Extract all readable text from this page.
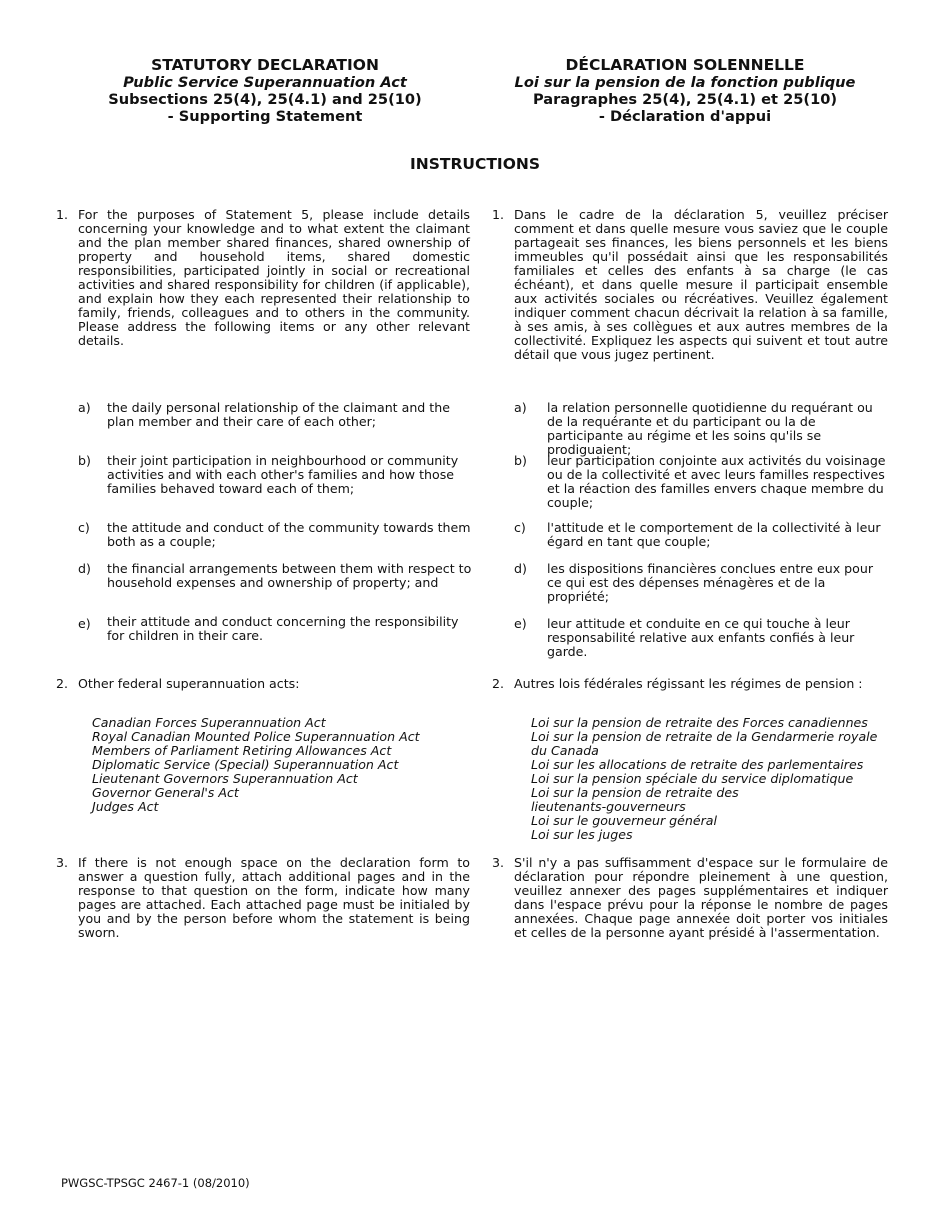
STATUTORY DECLARATION
Public Service Superannuation Act
Subsections 25(4), 25(4.1) and 25(10)
- Supporting Statement
DÉCLARATION SOLENNELLE
Loi sur la pension de la fonction publique
Paragraphes 25(4), 25(4.1) et 25(10)
- Déclaration d'appui
INSTRUCTIONS
1. For the purposes of Statement 5, please include details concerning your knowledge and to what extent the claimant and the plan member shared finances, shared ownership of property and household items, shared domestic responsibilities, participated jointly in social or recreational activities and shared responsibility for children (if applicable), and explain how they each represented their relationship to family, friends, colleagues and to others in the community. Please address the following items or any other relevant details.
a) the daily personal relationship of the claimant and the plan member and their care of each other;
b) their joint participation in neighbourhood or community activities and with each other's families and how those families behaved toward each of them;
c) the attitude and conduct of the community towards them both as a couple;
d) the financial arrangements between them with respect to household expenses and ownership of property; and
e) their attitude and conduct concerning the responsibility for children in their care.
2. Other federal superannuation acts:
Canadian Forces Superannuation Act
Royal Canadian Mounted Police Superannuation Act
Members of Parliament Retiring Allowances Act
Diplomatic Service (Special) Superannuation Act
Lieutenant Governors Superannuation Act
Governor General's Act
Judges Act
3. If there is not enough space on the declaration form to answer a question fully, attach additional pages and in the response to that question on the form, indicate how many pages are attached. Each attached page must be initialed by you and by the person before whom the statement is being sworn.
1. Dans le cadre de la déclaration 5, veuillez préciser comment et dans quelle mesure vous saviez que le couple partageait ses finances, les biens personnels et les biens immeubles qu'il possédait ainsi que les responsabilités familiales et celles des enfants à sa charge (le cas échéant), et dans quelle mesure il participait ensemble aux activités sociales ou récréatives. Veuillez également indiquer comment chacun décrivait la relation à sa famille, à ses amis, à ses collègues et aux autres membres de la collectivité. Expliquez les aspects qui suivent et tout autre détail que vous jugez pertinent.
a) la relation personnelle quotidienne du requérant ou de la requérante et du participant ou la de participante au régime et les soins qu'ils se prodiguaient;
b) leur participation conjointe aux activités du voisinage ou de la collectivité et avec leurs familles respectives et la réaction des familles envers chaque membre du couple;
c) l'attitude et le comportement de la collectivité à leur égard en tant que couple;
d) les dispositions financières conclues entre eux pour ce qui est des dépenses ménagères et de la propriété;
e) leur attitude et conduite en ce qui touche à leur responsabilité relative aux enfants confiés à leur garde.
2. Autres lois fédérales régissant les régimes de pension :
Loi sur la pension de retraite des Forces canadiennes
Loi sur la pension de retraite de la Gendarmerie royale
du Canada
Loi sur les allocations de retraite des parlementaires
Loi sur la pension spéciale du service diplomatique
Loi sur la pension de retraite des
lieutenants-gouverneurs
Loi sur le gouverneur général
Loi sur les juges
3. S'il n'y a pas suffisamment d'espace sur le formulaire de déclaration pour répondre pleinement à une question, veuillez annexer des pages supplémentaires et indiquer dans l'espace prévu pour la réponse le nombre de pages annexées. Chaque page annexée doit porter vos initiales et celles de la personne ayant présidé à l'assermentation.
PWGSC-TPSGC 2467-1 (08/2010)
